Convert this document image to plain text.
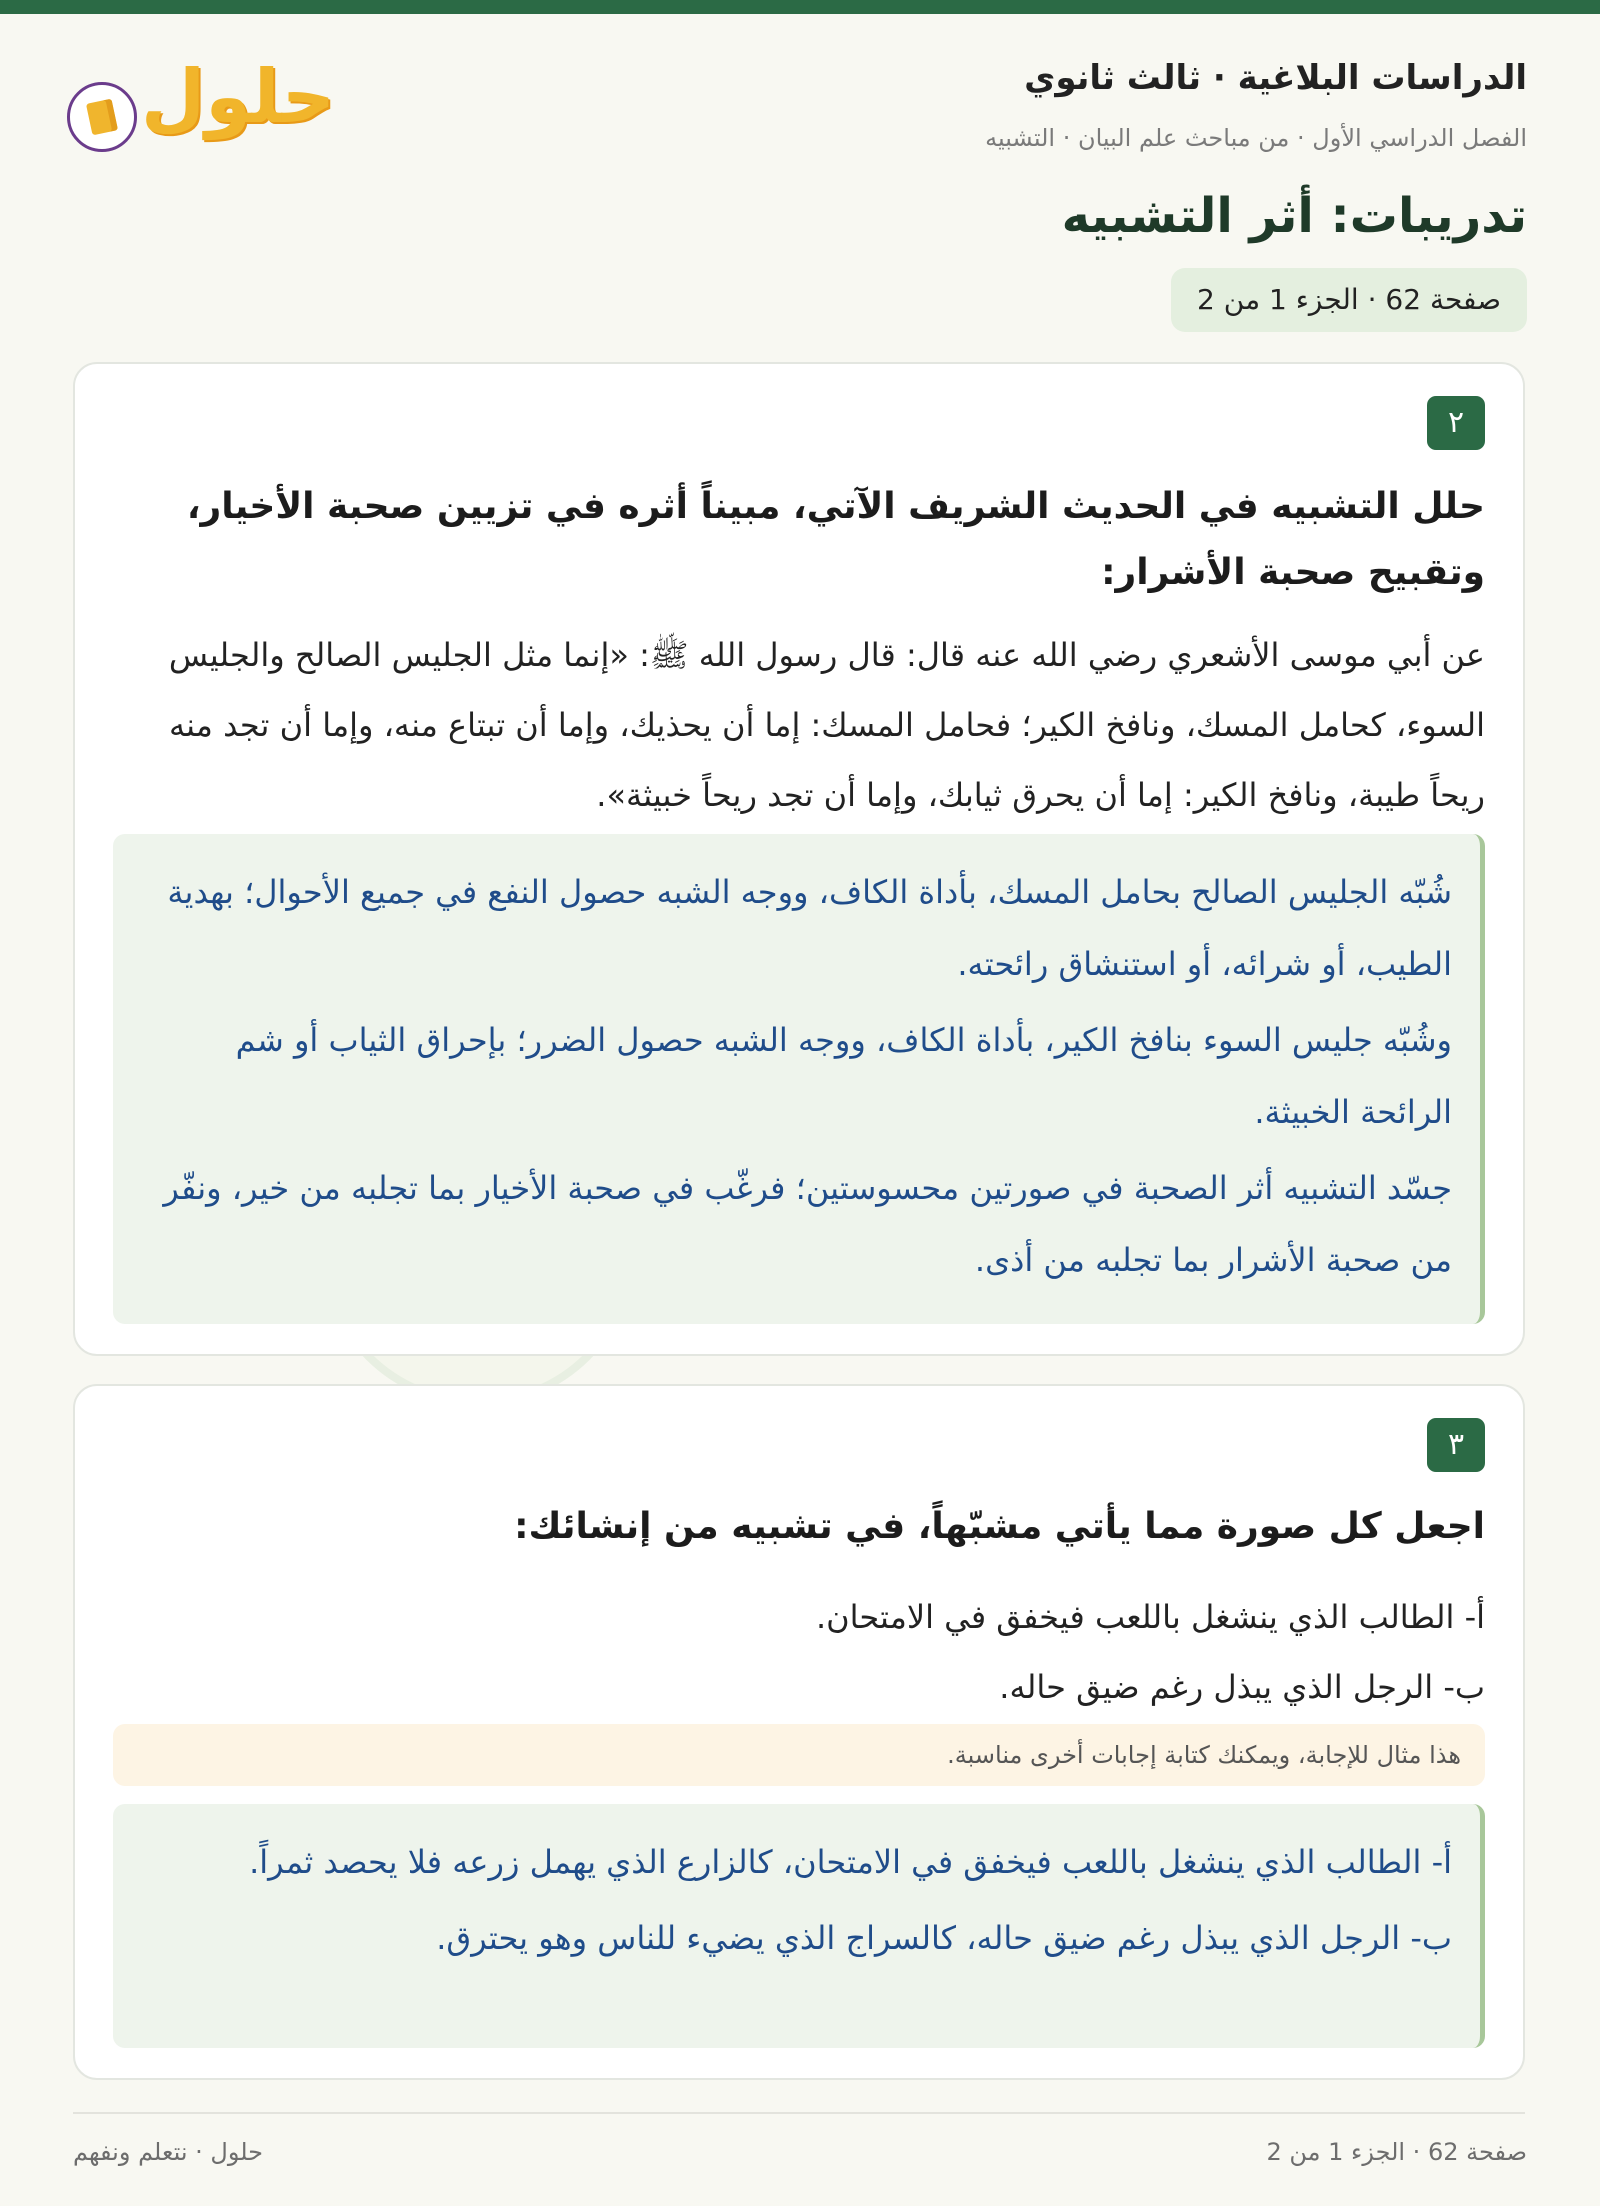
الدراسات البلاغية · ثالث ثانوي
الفصل الدراسي الأول · من مباحث علم البيان · التشبيه
حلول
تدريبات: أثر التشبيه
صفحة 62 · الجزء 1 من 2
٢
حلل التشبيه في الحديث الشريف الآتي، مبيناً أثره في تزيين صحبة الأخيار، وتقبيح صحبة الأشرار:
عن أبي موسى الأشعري رضي الله عنه قال: قال رسول الله ﷺ: «إنما مثل الجليس الصالح والجليس السوء، كحامل المسك، ونافخ الكير؛ فحامل المسك: إما أن يحذيك، وإما أن تبتاع منه، وإما أن تجد منه ريحاً طيبة، ونافخ الكير: إما أن يحرق ثيابك، وإما أن تجد ريحاً خبيثة».

شُبّه الجليس الصالح بحامل المسك، بأداة الكاف، ووجه الشبه حصول النفع في جميع الأحوال؛ بهدية الطيب، أو شرائه، أو استنشاق رائحته.

وشُبّه جليس السوء بنافخ الكير، بأداة الكاف، ووجه الشبه حصول الضرر؛ بإحراق الثياب أو شم الرائحة الخبيثة.

جسّد التشبيه أثر الصحبة في صورتين محسوستين؛ فرغّب في صحبة الأخيار بما تجلبه من خير، ونفّر من صحبة الأشرار بما تجلبه من أذى.

٣
اجعل كل صورة مما يأتي مشبّهاً، في تشبيه من إنشائك:

أ- الطالب الذي ينشغل باللعب فيخفق في الامتحان.

ب- الرجل الذي يبذل رغم ضيق حاله.

هذا مثال للإجابة، ويمكنك كتابة إجابات أخرى مناسبة.

أ- الطالب الذي ينشغل باللعب فيخفق في الامتحان، كالزارع الذي يهمل زرعه فلا يحصد ثمراً.

ب- الرجل الذي يبذل رغم ضيق حاله، كالسراج الذي يضيء للناس وهو يحترق.

صفحة 62 · الجزء 1 من 2
حلول · نتعلم ونفهم
